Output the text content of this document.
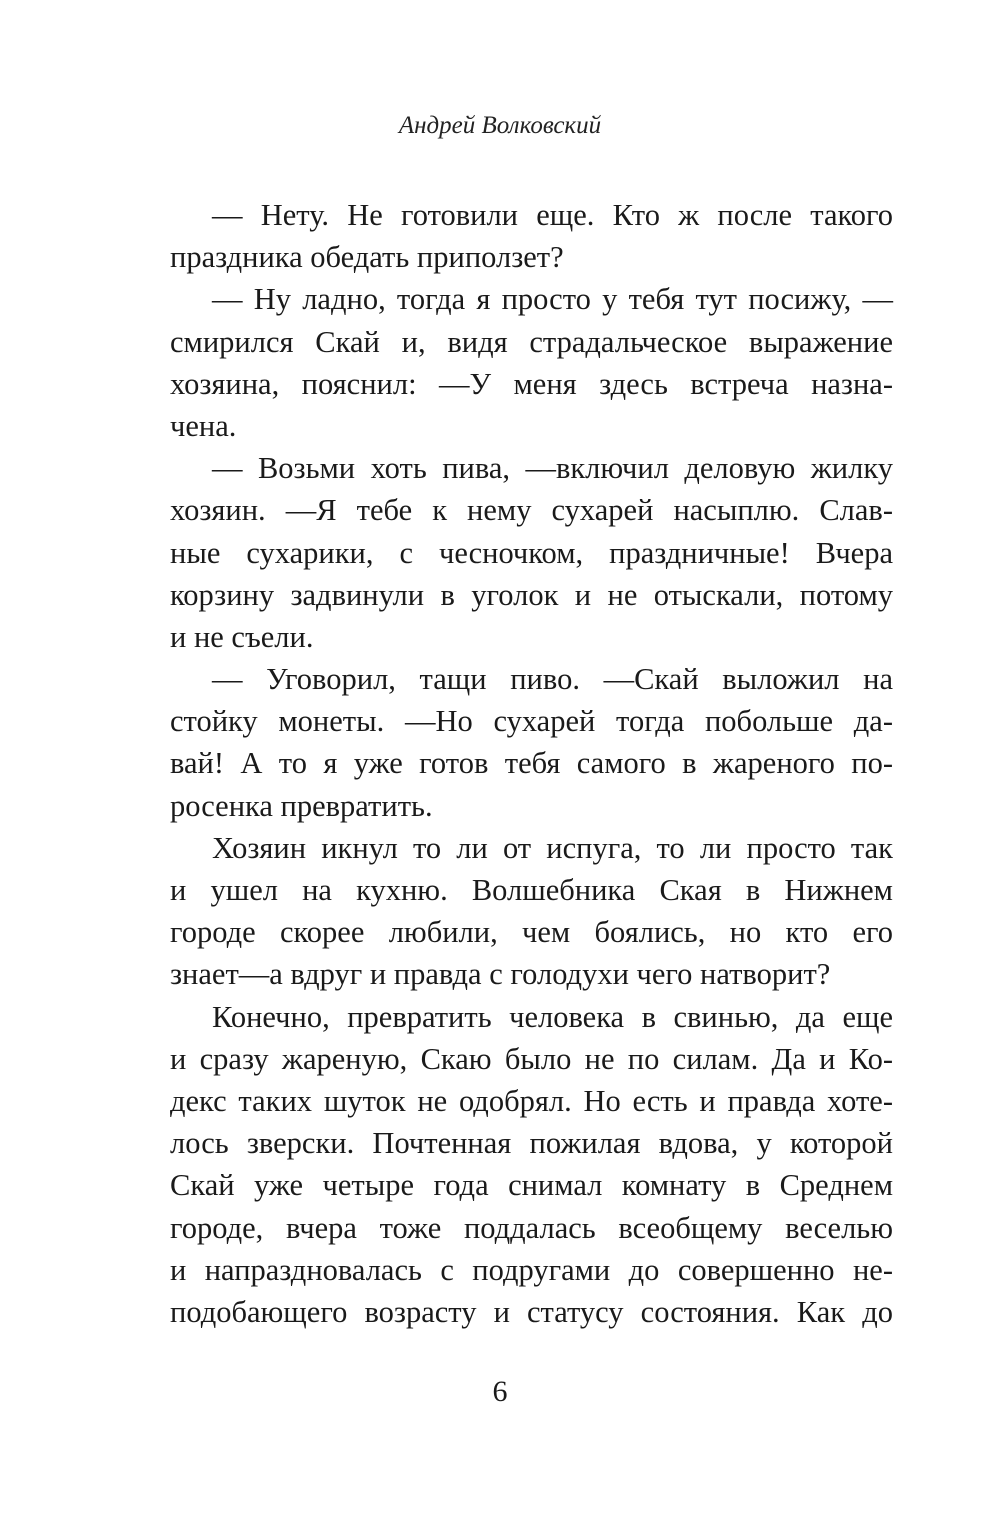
Андрей Волковский
— Нету. Не готовили еще. Кто ж после такого
праздника обедать приползет?
— Ну ладно, тогда я просто у тебя тут посижу, —
смирился Скай и, видя страдальческое выражение
хозяина, пояснил: —У меня здесь встреча назна-
чена.
— Возьми хоть пива, —включил деловую жилку
хозяин. —Я тебе к нему сухарей насыплю. Слав-
ные сухарики, с чесночком, праздничные! Вчера
корзину задвинули в уголок и не отыскали, потому
и не съели.
— Уговорил, тащи пиво. —Скай выложил на
стойку монеты. —Но сухарей тогда побольше да-
вай! А то я уже готов тебя самого в жареного по-
росенка превратить.
Хозяин икнул то ли от испуга, то ли просто так
и ушел на кухню. Волшебника Ская в Нижнем
городе скорее любили, чем боялись, но кто его
знает—а вдруг и правда с голодухи чего натворит?
Конечно, превратить человека в свинью, да еще
и сразу жареную, Скаю было не по силам. Да и Ко-
декс таких шуток не одобрял. Но есть и правда хоте-
лось зверски. Почтенная пожилая вдова, у которой
Скай уже четыре года снимал комнату в Среднем
городе, вчера тоже поддалась всеобщему веселью
и напраздновалась с подругами до совершенно не-
подобающего возрасту и статусу состояния. Как до
6
